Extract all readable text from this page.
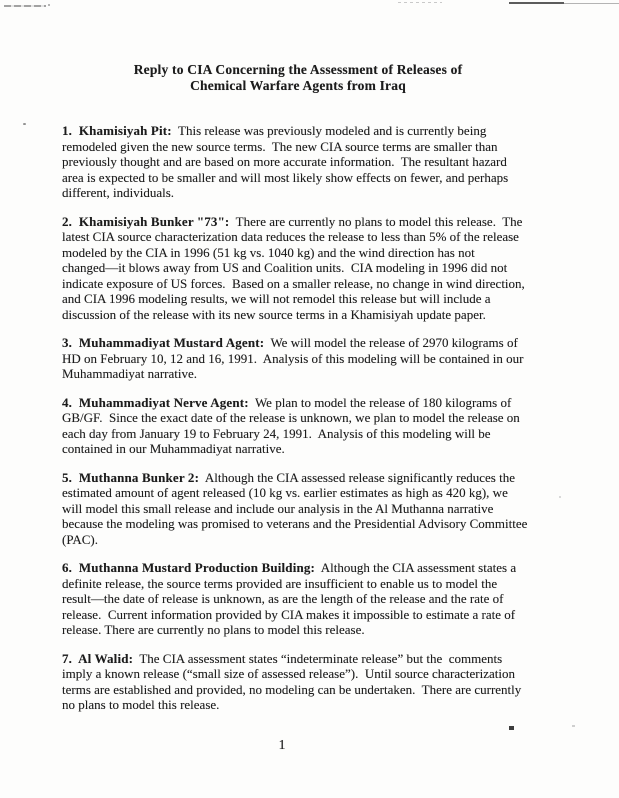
Reply to CIA Concerning the Assessment of Releases of
Chemical Warfare Agents from Iraq
1.  Khamisiyah Pit:  This release was previously modeled and is currently being
remodeled given the new source terms.  The new CIA source terms are smaller than
previously thought and are based on more accurate information.  The resultant hazard
area is expected to be smaller and will most likely show effects on fewer, and perhaps
different, individuals.
2.  Khamisiyah Bunker "73":  There are currently no plans to model this release.  The
latest CIA source characterization data reduces the release to less than 5% of the release
modeled by the CIA in 1996 (51 kg vs. 1040 kg) and the wind direction has not
changed—it blows away from US and Coalition units.  CIA modeling in 1996 did not
indicate exposure of US forces.  Based on a smaller release, no change in wind direction,
and CIA 1996 modeling results, we will not remodel this release but will include a
discussion of the release with its new source terms in a Khamisiyah update paper.
3.  Muhammadiyat Mustard Agent:  We will model the release of 2970 kilograms of
HD on February 10, 12 and 16, 1991.  Analysis of this modeling will be contained in our
Muhammadiyat narrative.
4.  Muhammadiyat Nerve Agent:  We plan to model the release of 180 kilograms of
GB/GF.  Since the exact date of the release is unknown, we plan to model the release on
each day from January 19 to February 24, 1991.  Analysis of this modeling will be
contained in our Muhammadiyat narrative.
5.  Muthanna Bunker 2:  Although the CIA assessed release significantly reduces the
estimated amount of agent released (10 kg vs. earlier estimates as high as 420 kg), we
will model this small release and include our analysis in the Al Muthanna narrative
because the modeling was promised to veterans and the Presidential Advisory Committee
(PAC).
6.  Muthanna Mustard Production Building:  Although the CIA assessment states a
definite release, the source terms provided are insufficient to enable us to model the
result—the date of release is unknown, as are the length of the release and the rate of
release.  Current information provided by CIA makes it impossible to estimate a rate of
release. There are currently no plans to model this release.
7.  Al Walid:  The CIA assessment states “indeterminate release” but the  comments
imply a known release (“small size of assessed release”).  Until source characterization
terms are established and provided, no modeling can be undertaken.  There are currently
no plans to model this release.
1
